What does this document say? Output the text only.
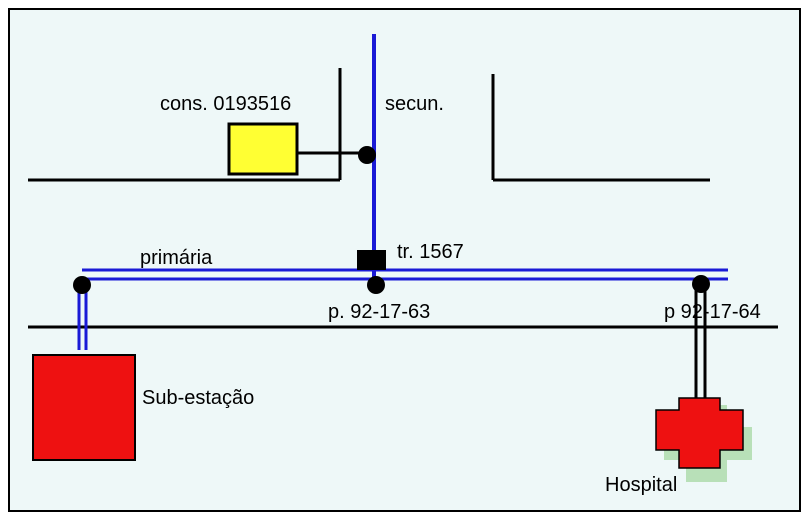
cons. 0193516	secun.
tr. 1567
primária
p. 92-17-63	p 92-17-64
Sub-estação
Hospital
